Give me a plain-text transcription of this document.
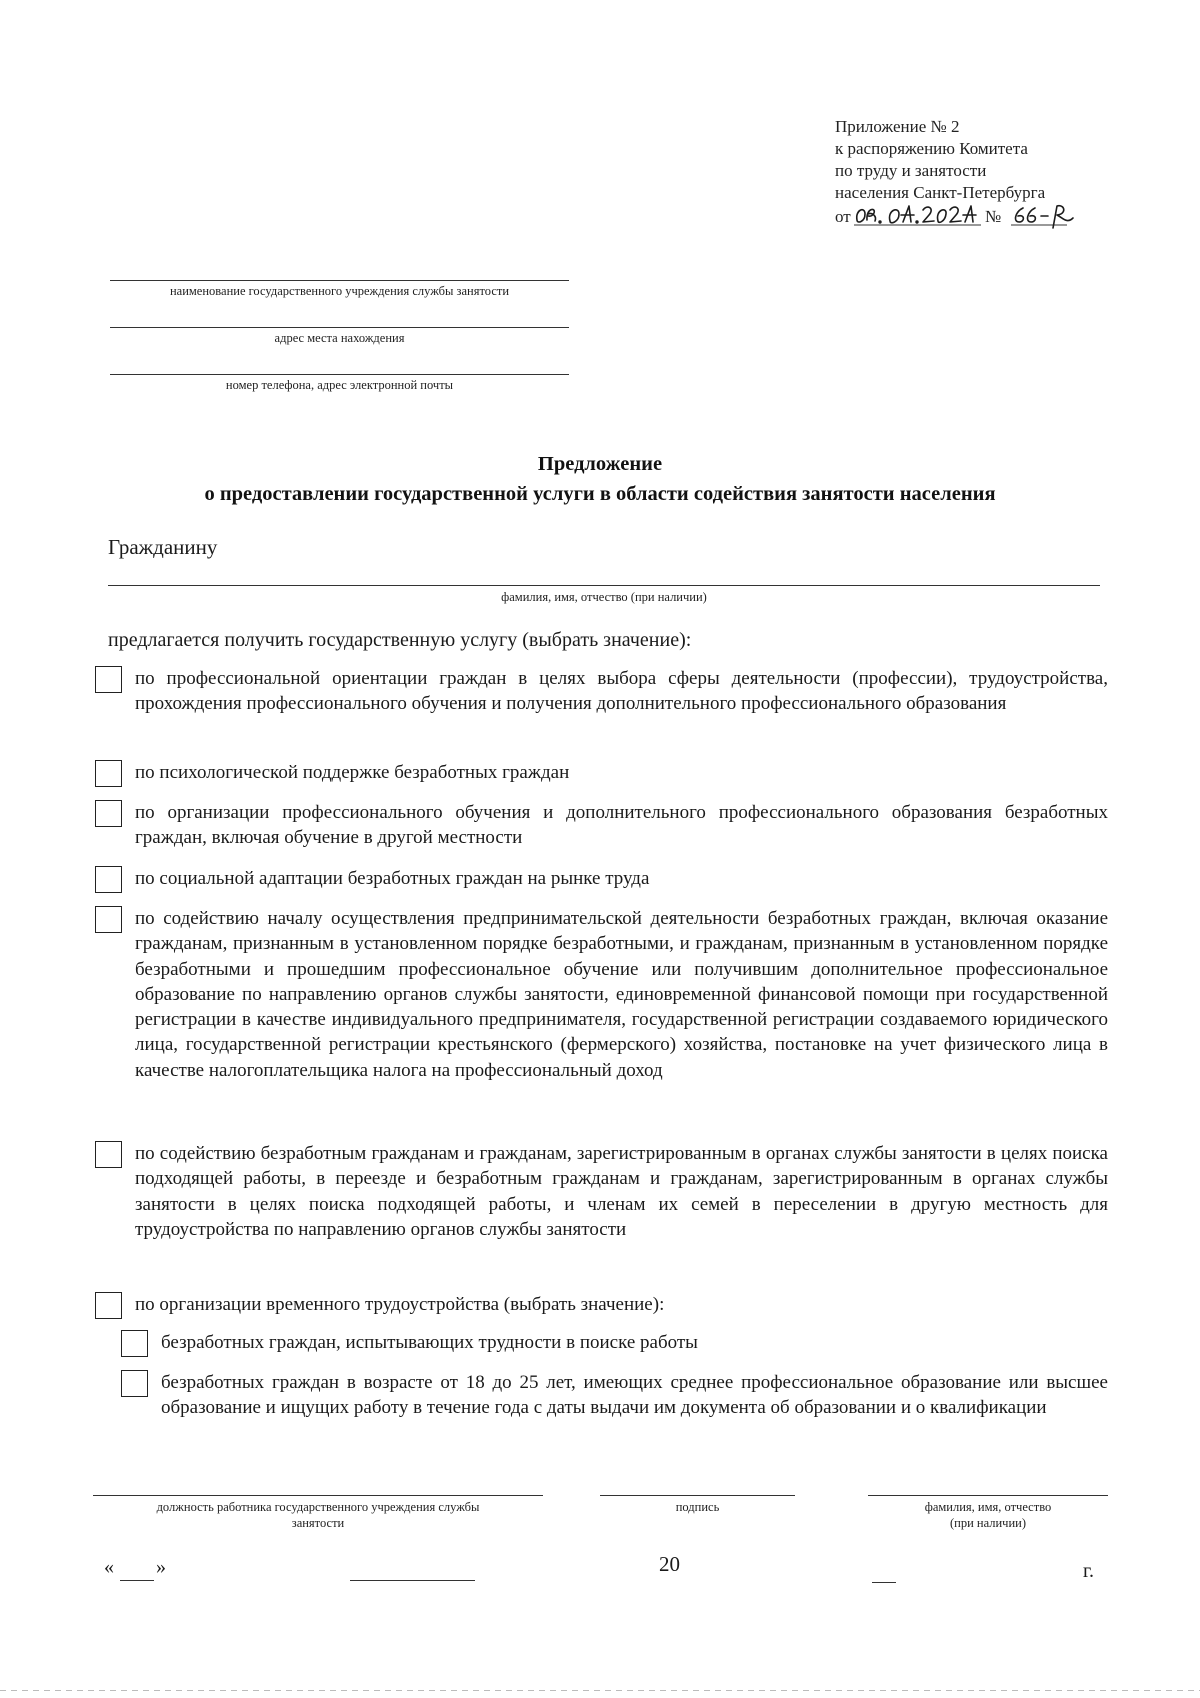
Приложение № 2
к распоряжению Комитета
по труду и занятости
населения Санкт-Петербурга
от	№
наименование государственного учреждения службы занятости
адрес места нахождения
номер телефона, адрес электронной почты
Предложение
о предоставлении государственной услуги в области содействия занятости населения
Гражданину
фамилия, имя, отчество (при наличии)
предлагается получить государственную услугу (выбрать значение):
по профессиональной ориентации граждан в целях выбора сферы деятельности (профессии), трудоустройства, прохождения профессионального обучения и получения дополнительного профессионального образования
по психологической поддержке безработных граждан
по организации профессионального обучения и дополнительного профессионального образования безработных граждан, включая обучение в другой местности
по социальной адаптации безработных граждан на рынке труда
по содействию началу осуществления предпринимательской деятельности безработных граждан, включая оказание гражданам, признанным в установленном порядке безработными, и гражданам, признанным в установленном порядке безработными и прошедшим профессиональное обучение или получившим дополнительное профессиональное образование по направлению органов службы занятости, единовременной финансовой помощи при государственной регистрации в качестве индивидуального предпринимателя, государственной регистрации создаваемого юридического лица, государственной регистрации крестьянского (фермерского) хозяйства, постановке на учет физического лица в качестве налогоплательщика налога на профессиональный доход
по содействию безработным гражданам и гражданам, зарегистрированным в органах службы занятости в целях поиска подходящей работы, в переезде и безработным гражданам и гражданам, зарегистрированным в органах службы занятости в целях поиска подходящей работы, и членам их семей в переселении в другую местность для трудоустройства по направлению органов службы занятости
по организации временного трудоустройства (выбрать значение):
безработных граждан, испытывающих трудности в поиске работы
безработных граждан в возрасте от 18 до 25 лет, имеющих среднее профессиональное образование или высшее образование и ищущих работу в течение года с даты выдачи им документа об образовании и о квалификации
должность работника государственного учреждения службы
занятости
подпись	фамилия, имя, отчество
(при наличии)
« »	20	г.
